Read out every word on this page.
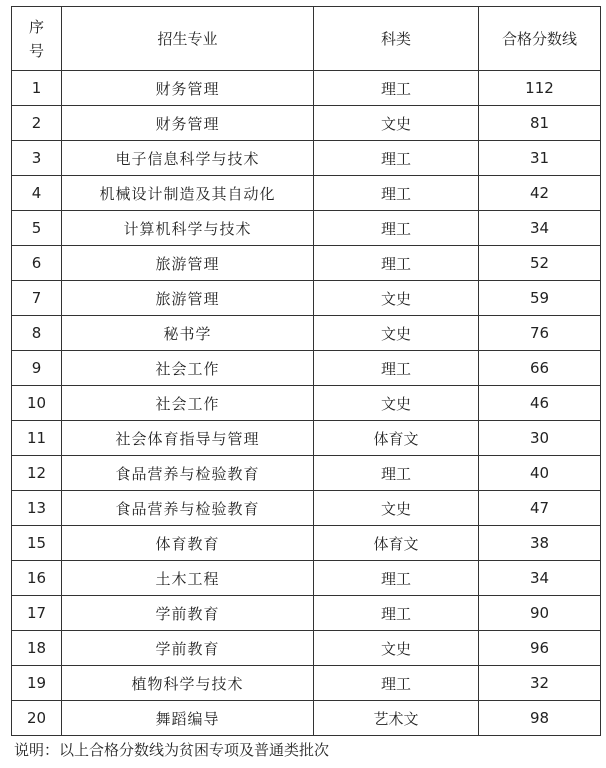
序
号	招生专业	科类	合格分数线
1	财务管理	理工	112
2	财务管理	文史	81
3	电子信息科学与技术	理工	31
4	机械设计制造及其自动化	理工	42
5	计算机科学与技术	理工	34
6	旅游管理	理工	52
7	旅游管理	文史	59
8	秘书学	文史	76
9	社会工作	理工	66
10	社会工作	文史	46
11	社会体育指导与管理	体育文	30
12	食品营养与检验教育	理工	40
13	食品营养与检验教育	文史	47
15	体育教育	体育文	38
16	土木工程	理工	34
17	学前教育	理工	90
18	学前教育	文史	96
19	植物科学与技术	理工	32
20	舞蹈编导	艺术文	98
说明：以上合格分数线为贫困专项及普通类批次
